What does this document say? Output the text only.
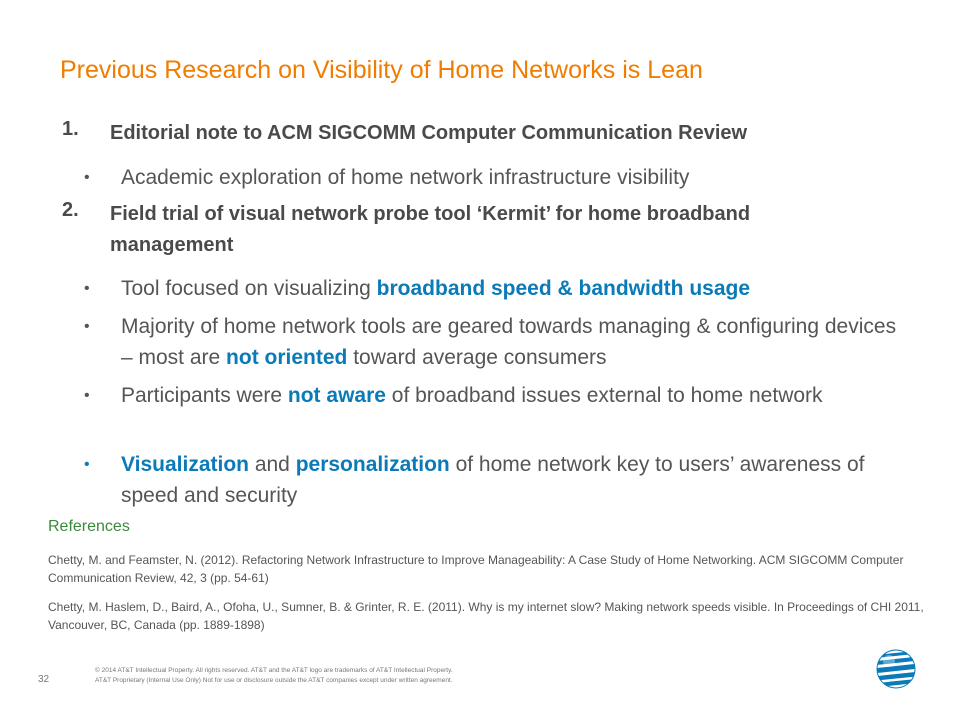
Previous Research on Visibility of Home Networks is Lean
1.	Editorial note to ACM SIGCOMM Computer Communication Review
• Academic exploration of home network infrastructure visibility
2.	Field trial of visual network probe tool ‘Kermit’ for home broadband management
• Tool focused on visualizing broadband speed & bandwidth usage
• Majority of home network tools are geared towards managing & configuring devices – most are not oriented toward average consumers
• Participants were not aware of broadband issues external to home network
• Visualization and personalization of home network key to users’ awareness of speed and security
References
Chetty, M. and Feamster, N. (2012). Refactoring Network Infrastructure to Improve Manageability: A Case Study of Home Networking. ACM SIGCOMM Computer Communication Review, 42, 3 (pp. 54-61)
Chetty, M. Haslem, D., Baird, A., Ofoha, U., Sumner, B. & Grinter, R. E. (2011). Why is my internet slow? Making network speeds visible. In Proceedings of CHI 2011, Vancouver, BC, Canada (pp. 1889-1898)
32
© 2014 AT&T Intellectual Property. All rights reserved. AT&T and the AT&T logo are trademarks of AT&T Intellectual Property.
AT&T Proprietary (Internal Use Only) Not for use or disclosure outside the AT&T companies except under written agreement.
